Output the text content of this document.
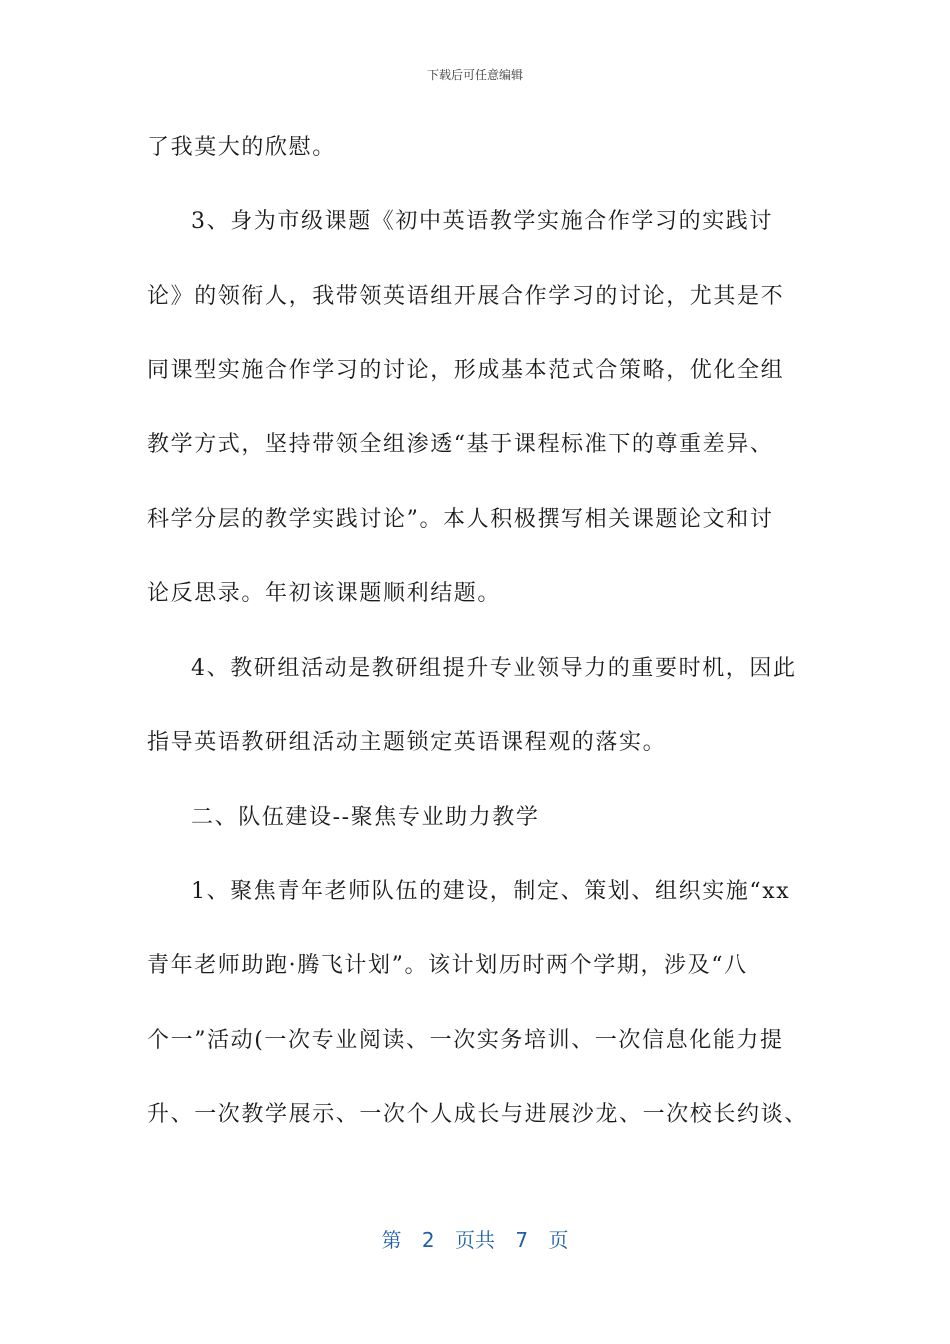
下载后可任意编辑
了我莫大的欣慰。
3、身为市级课题《初中英语教学实施合作学习的实践讨
论》的领衔人，我带领英语组开展合作学习的讨论，尤其是不
同课型实施合作学习的讨论，形成基本范式合策略，优化全组
教学方式，坚持带领全组渗透“基于课程标准下的尊重差异、
科学分层的教学实践讨论”。本人积极撰写相关课题论文和讨
论反思录。年初该课题顺利结题。
4、教研组活动是教研组提升专业领导力的重要时机，因此
指导英语教研组活动主题锁定英语课程观的落实。
二、队伍建设--聚焦专业助力教学
1、聚焦青年老师队伍的建设，制定、策划、组织实施“xx
青年老师助跑·腾飞计划”。该计划历时两个学期，涉及“八
个一”活动(一次专业阅读、一次实务培训、一次信息化能力提
升、一次教学展示、一次个人成长与进展沙龙、一次校长约谈、
第 2 页共 7 页
